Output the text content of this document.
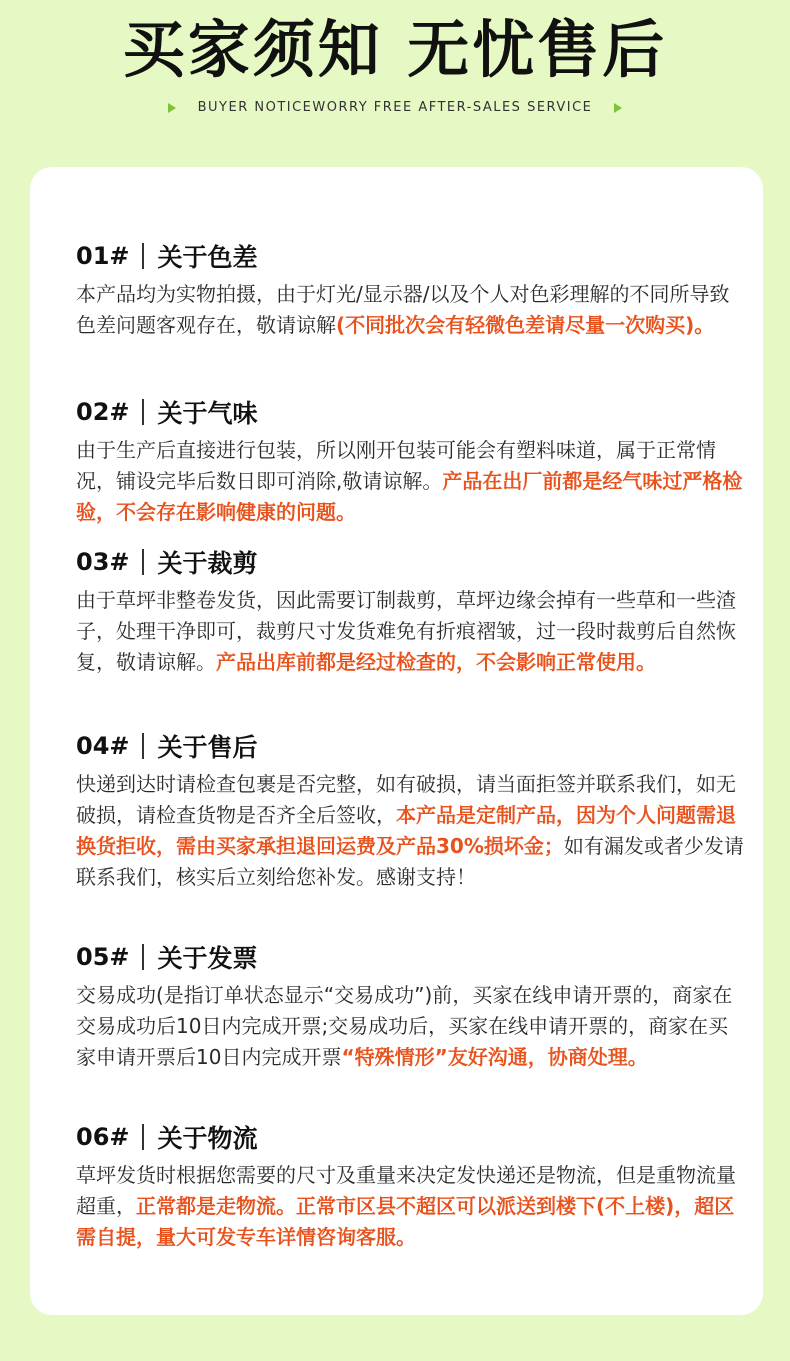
买家须知 无忧售后
BUYER NOTICEWORRY FREE AFTER-SALES SERVICE
01# 关于色差
本产品均为实物拍摄，由于灯光/显示器/以及个人对色彩理解的不同所导致色差问题客观存在，敬请谅解(不同批次会有轻微色差请尽量一次购买)。
02# 关于气味
由于生产后直接进行包装，所以刚开包装可能会有塑料味道，属于正常情况，铺设完毕后数日即可消除,敬请谅解。产品在出厂前都是经气味过严格检验，不会存在影响健康的问题。
03# 关于裁剪
由于草坪非整卷发货，因此需要订制裁剪，草坪边缘会掉有一些草和一些渣子，处理干净即可，裁剪尺寸发货难免有折痕褶皱，过一段时裁剪后自然恢复，敬请谅解。产品出库前都是经过检查的，不会影响正常使用。
04# 关于售后
快递到达时请检查包裹是否完整，如有破损，请当面拒签并联系我们，如无破损，请检查货物是否齐全后签收，本产品是定制产品，因为个人问题需退换货拒收，需由买家承担退回运费及产品30%损坏金；如有漏发或者少发请联系我们，核实后立刻给您补发。感谢支持！
05# 关于发票
交易成功(是指订单状态显示“交易成功”)前，买家在线申请开票的，商家在交易成功后10日内完成开票;交易成功后，买家在线申请开票的，商家在买家申请开票后10日内完成开票“特殊情形”友好沟通，协商处理。
06# 关于物流
草坪发货时根据您需要的尺寸及重量来决定发快递还是物流，但是重物流量超重，正常都是走物流。正常市区县不超区可以派送到楼下(不上楼)，超区需自提，量大可发专车详情咨询客服。
